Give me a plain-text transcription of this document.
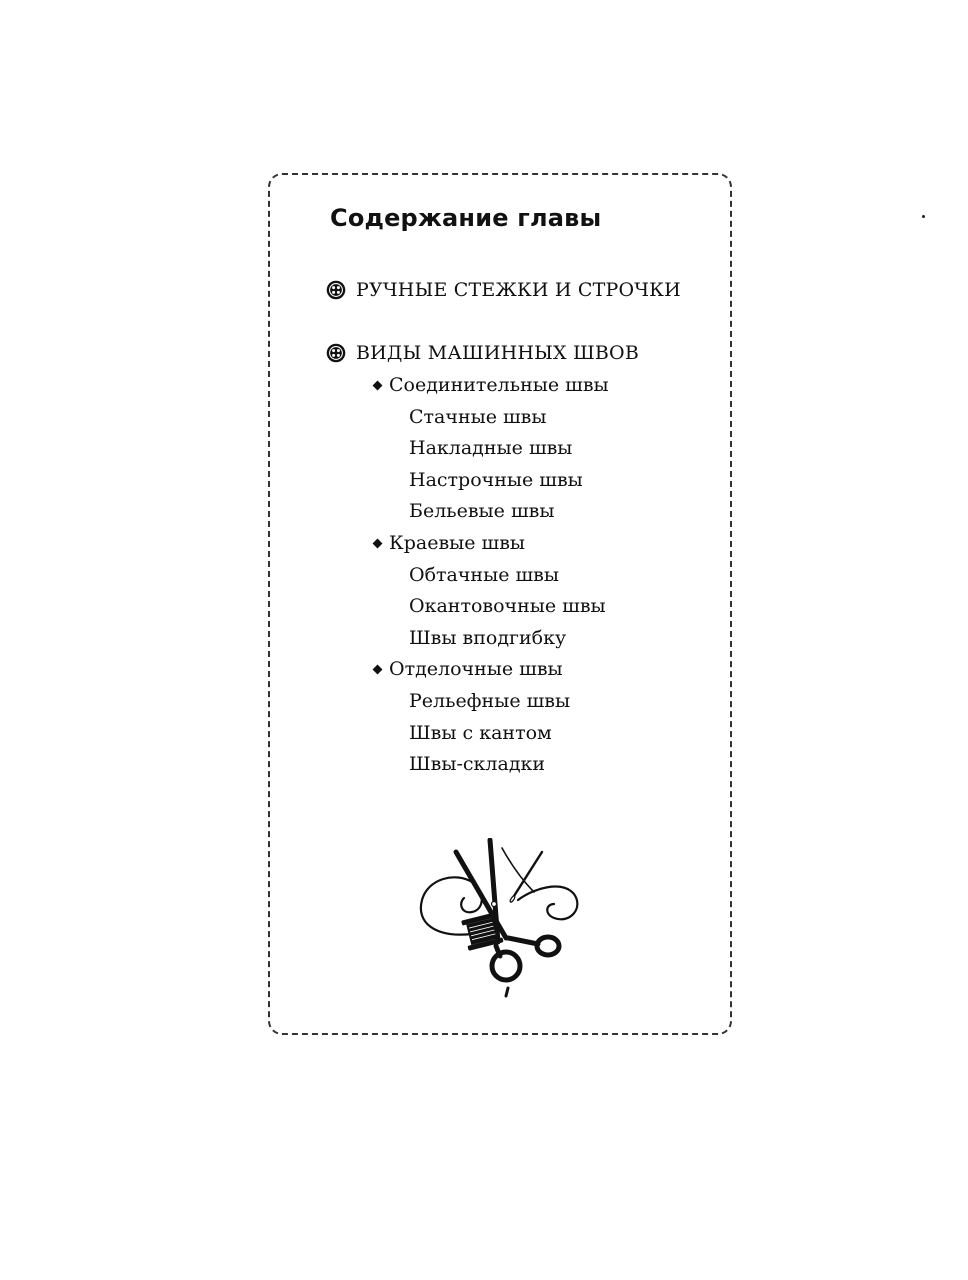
Содержание главы
РУЧНЫЕ СТЕЖКИ И СТРОЧКИ
ВИДЫ МАШИННЫХ ШВОВ
Соединительные швы
Стачные швы
Накладные швы
Настрочные швы
Бельевые швы
Краевые швы
Обтачные швы
Окантовочные швы
Швы вподгибку
Отделочные швы
Рельефные швы
Швы с кантом
Швы-складки
